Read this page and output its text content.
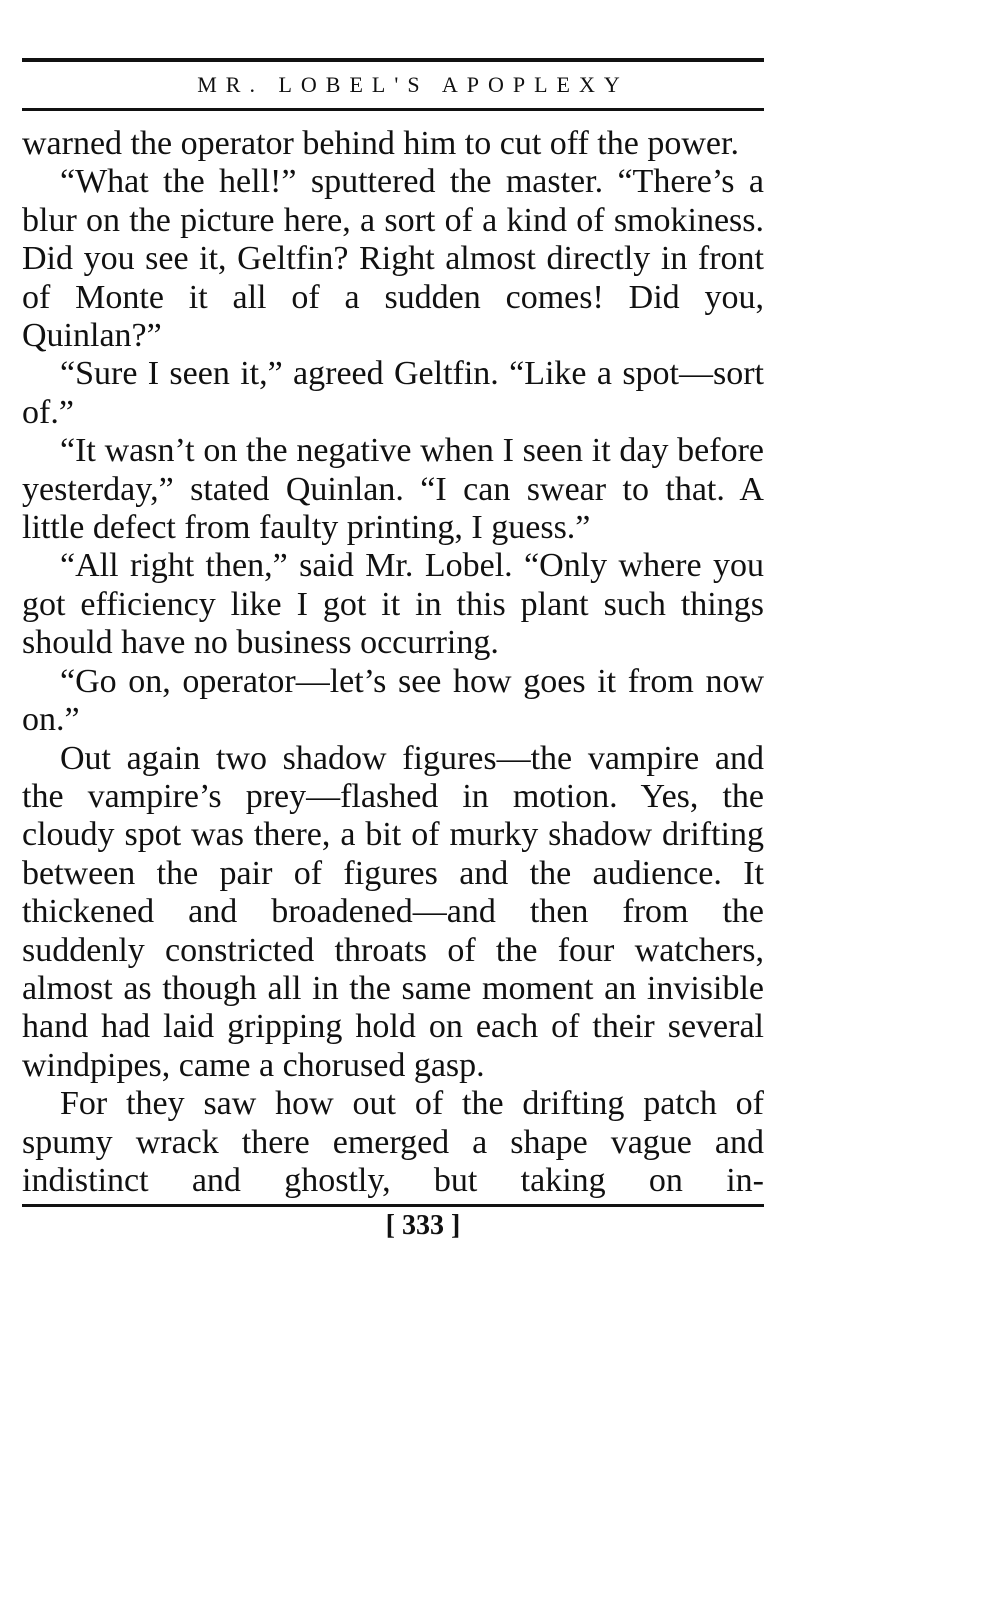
MR. LOBEL'S APOPLEXY

warned the operator behind him to cut off the power.

“What the hell!” sputtered the master. “There’s a blur on the picture here, a sort of a kind of smokiness. Did you see it, Geltfin? Right almost directly in front of Monte it all of a sudden comes! Did you, Quinlan?”

“Sure I seen it,” agreed Geltfin. “Like a spot—sort of.”

“It wasn’t on the negative when I seen it day before yesterday,” stated Quinlan. “I can swear to that. A little defect from faulty printing, I guess.”

“All right then,” said Mr. Lobel. “Only where you got efficiency like I got it in this plant such things should have no business occurring.

“Go on, operator—let’s see how goes it from now on.”

Out again two shadow figures—the vampire and the vampire’s prey—flashed in motion. Yes, the cloudy spot was there, a bit of murky shadow drifting between the pair of figures and the audience. It thickened and broadened—and then from the suddenly constricted throats of the four watchers, almost as though all in the same moment an invisible hand had laid gripping hold on each of their several windpipes, came a chorused gasp.

For they saw how out of the drifting patch of spumy wrack there emerged a shape vague and indistinct and ghostly, but taking on in-

[ 333 ]
